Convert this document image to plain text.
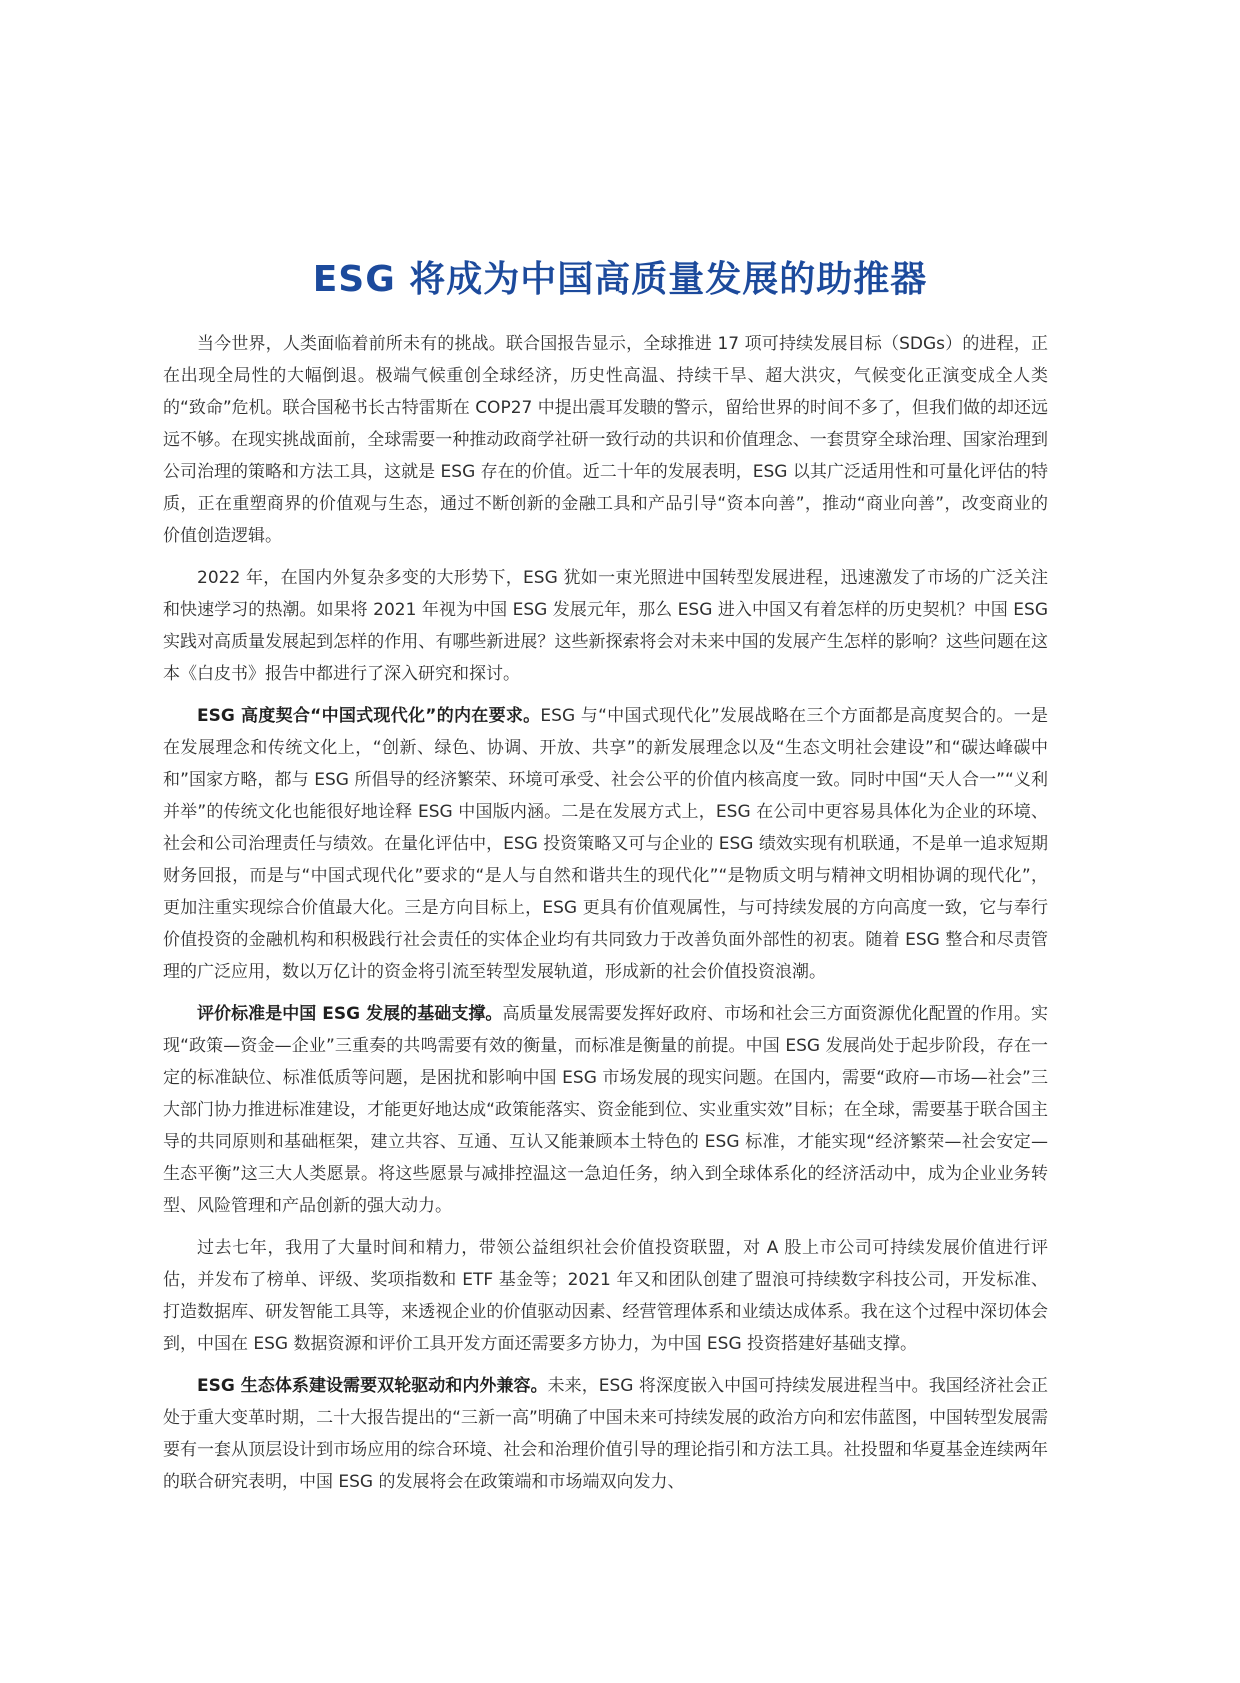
ESG 将成为中国高质量发展的助推器

当今世界，人类面临着前所未有的挑战。联合国报告显示，全球推进 17 项可持续发展目标（SDGs）的进程，正在出现全局性的大幅倒退。极端气候重创全球经济，历史性高温、持续干旱、超大洪灾，气候变化正演变成全人类的“致命”危机。联合国秘书长古特雷斯在 COP27 中提出震耳发聩的警示，留给世界的时间不多了，但我们做的却还远远不够。在现实挑战面前，全球需要一种推动政商学社研一致行动的共识和价值理念、一套贯穿全球治理、国家治理到公司治理的策略和方法工具，这就是 ESG 存在的价值。近二十年的发展表明，ESG 以其广泛适用性和可量化评估的特质，正在重塑商界的价值观与生态，通过不断创新的金融工具和产品引导“资本向善”，推动“商业向善”，改变商业的价值创造逻辑。

2022 年，在国内外复杂多变的大形势下，ESG 犹如一束光照进中国转型发展进程，迅速激发了市场的广泛关注和快速学习的热潮。如果将 2021 年视为中国 ESG 发展元年，那么 ESG 进入中国又有着怎样的历史契机？中国 ESG 实践对高质量发展起到怎样的作用、有哪些新进展？这些新探索将会对未来中国的发展产生怎样的影响？这些问题在这本《白皮书》报告中都进行了深入研究和探讨。

ESG 高度契合“中国式现代化”的内在要求。ESG 与“中国式现代化”发展战略在三个方面都是高度契合的。一是在发展理念和传统文化上，“创新、绿色、协调、开放、共享”的新发展理念以及“生态文明社会建设”和“碳达峰碳中和”国家方略，都与 ESG 所倡导的经济繁荣、环境可承受、社会公平的价值内核高度一致。同时中国“天人合一”“义利并举”的传统文化也能很好地诠释 ESG 中国版内涵。二是在发展方式上，ESG 在公司中更容易具体化为企业的环境、社会和公司治理责任与绩效。在量化评估中，ESG 投资策略又可与企业的 ESG 绩效实现有机联通，不是单一追求短期财务回报，而是与“中国式现代化”要求的“是人与自然和谐共生的现代化”“是物质文明与精神文明相协调的现代化”，更加注重实现综合价值最大化。三是方向目标上，ESG 更具有价值观属性，与可持续发展的方向高度一致，它与奉行价值投资的金融机构和积极践行社会责任的实体企业均有共同致力于改善负面外部性的初衷。随着 ESG 整合和尽责管理的广泛应用，数以万亿计的资金将引流至转型发展轨道，形成新的社会价值投资浪潮。

评价标准是中国 ESG 发展的基础支撑。高质量发展需要发挥好政府、市场和社会三方面资源优化配置的作用。实现“政策—资金—企业”三重奏的共鸣需要有效的衡量，而标准是衡量的前提。中国 ESG 发展尚处于起步阶段，存在一定的标准缺位、标准低质等问题，是困扰和影响中国 ESG 市场发展的现实问题。在国内，需要“政府—市场—社会”三大部门协力推进标准建设，才能更好地达成“政策能落实、资金能到位、实业重实效”目标；在全球，需要基于联合国主导的共同原则和基础框架，建立共容、互通、互认又能兼顾本土特色的 ESG 标准，才能实现“经济繁荣—社会安定—生态平衡”这三大人类愿景。将这些愿景与减排控温这一急迫任务，纳入到全球体系化的经济活动中，成为企业业务转型、风险管理和产品创新的强大动力。

过去七年，我用了大量时间和精力，带领公益组织社会价值投资联盟，对 A 股上市公司可持续发展价值进行评估，并发布了榜单、评级、奖项指数和 ETF 基金等；2021 年又和团队创建了盟浪可持续数字科技公司，开发标准、打造数据库、研发智能工具等，来透视企业的价值驱动因素、经营管理体系和业绩达成体系。我在这个过程中深切体会到，中国在 ESG 数据资源和评价工具开发方面还需要多方协力，为中国 ESG 投资搭建好基础支撑。

ESG 生态体系建设需要双轮驱动和内外兼容。未来，ESG 将深度嵌入中国可持续发展进程当中。我国经济社会正处于重大变革时期，二十大报告提出的“三新一高”明确了中国未来可持续发展的政治方向和宏伟蓝图，中国转型发展需要有一套从顶层设计到市场应用的综合环境、社会和治理价值引导的理论指引和方法工具。社投盟和华夏基金连续两年的联合研究表明，中国 ESG 的发展将会在政策端和市场端双向发力、
